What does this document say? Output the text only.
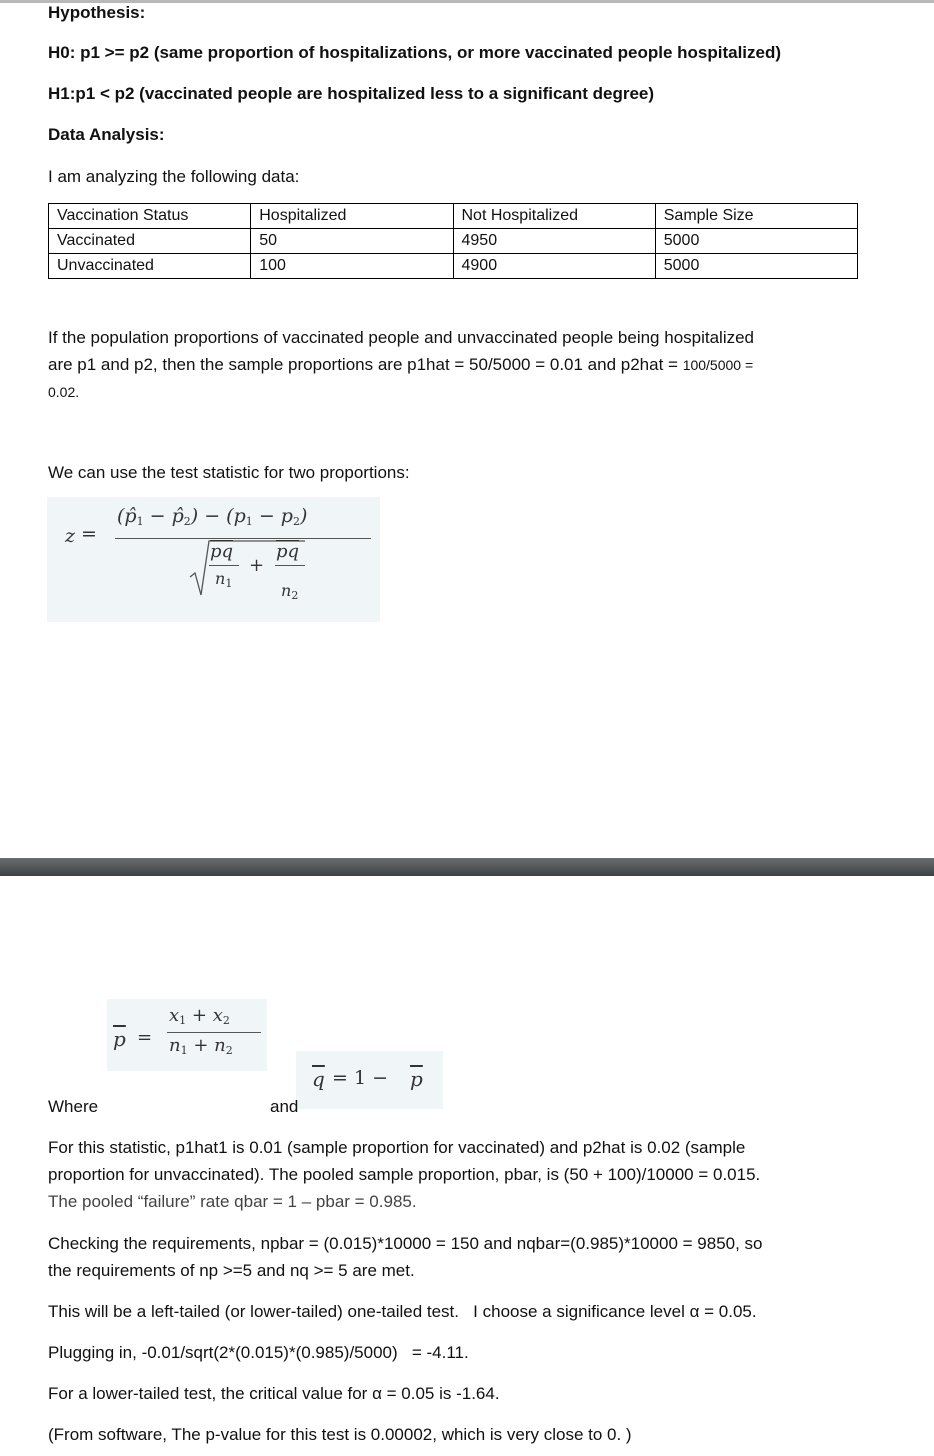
Hypothesis:
H0: p1 >= p2 (same proportion of hospitalizations, or more vaccinated people hospitalized)
H1:p1 < p2 (vaccinated people are hospitalized less to a significant degree)
Data Analysis:
I am analyzing the following data:
Vaccination Status	Hospitalized	Not Hospitalized	Sample Size
Vaccinated	50	4950	5000
Unvaccinated	100	4900	5000
If the population proportions of vaccinated people and unvaccinated people being hospitalized
are p1 and p2, then the sample proportions are p1hat = 50/5000 = 0.01 and p2hat = 100/5000 =
0.02.
We can use the test statistic for two proportions:
z =
($p̂_1$ − $p̂_2) - (p_1 - p_2)$
$\overline{pq}$
$n_1$
+
$\overline{pq}$
$n_2$
$\overline{p}$ =
$x_1 + x_2$
$n_1 + n_2$
$\overline{q} = 1 - \overline{p}$
Where	and
For this statistic, p1hat1 is 0.01 (sample proportion for vaccinated) and p2hat is 0.02 (sample
proportion for unvaccinated). The pooled sample proportion, pbar, is (50 + 100)/10000 = 0.015.
The pooled “failure” rate qbar = 1 – pbar = 0.985.
Checking the requirements, npbar = (0.015)*10000 = 150 and nqbar=(0.985)*10000 = 9850, so
the requirements of np >=5 and nq >= 5 are met.
This will be a left-tailed (or lower-tailed) one-tailed test.   I choose a significance level α = 0.05.
Plugging in, -0.01/sqrt(2*(0.015)*(0.985)/5000)   = -4.11.
For a lower-tailed test, the critical value for α = 0.05 is -1.64.
(From software, The p-value for this test is 0.00002, which is very close to 0. )
